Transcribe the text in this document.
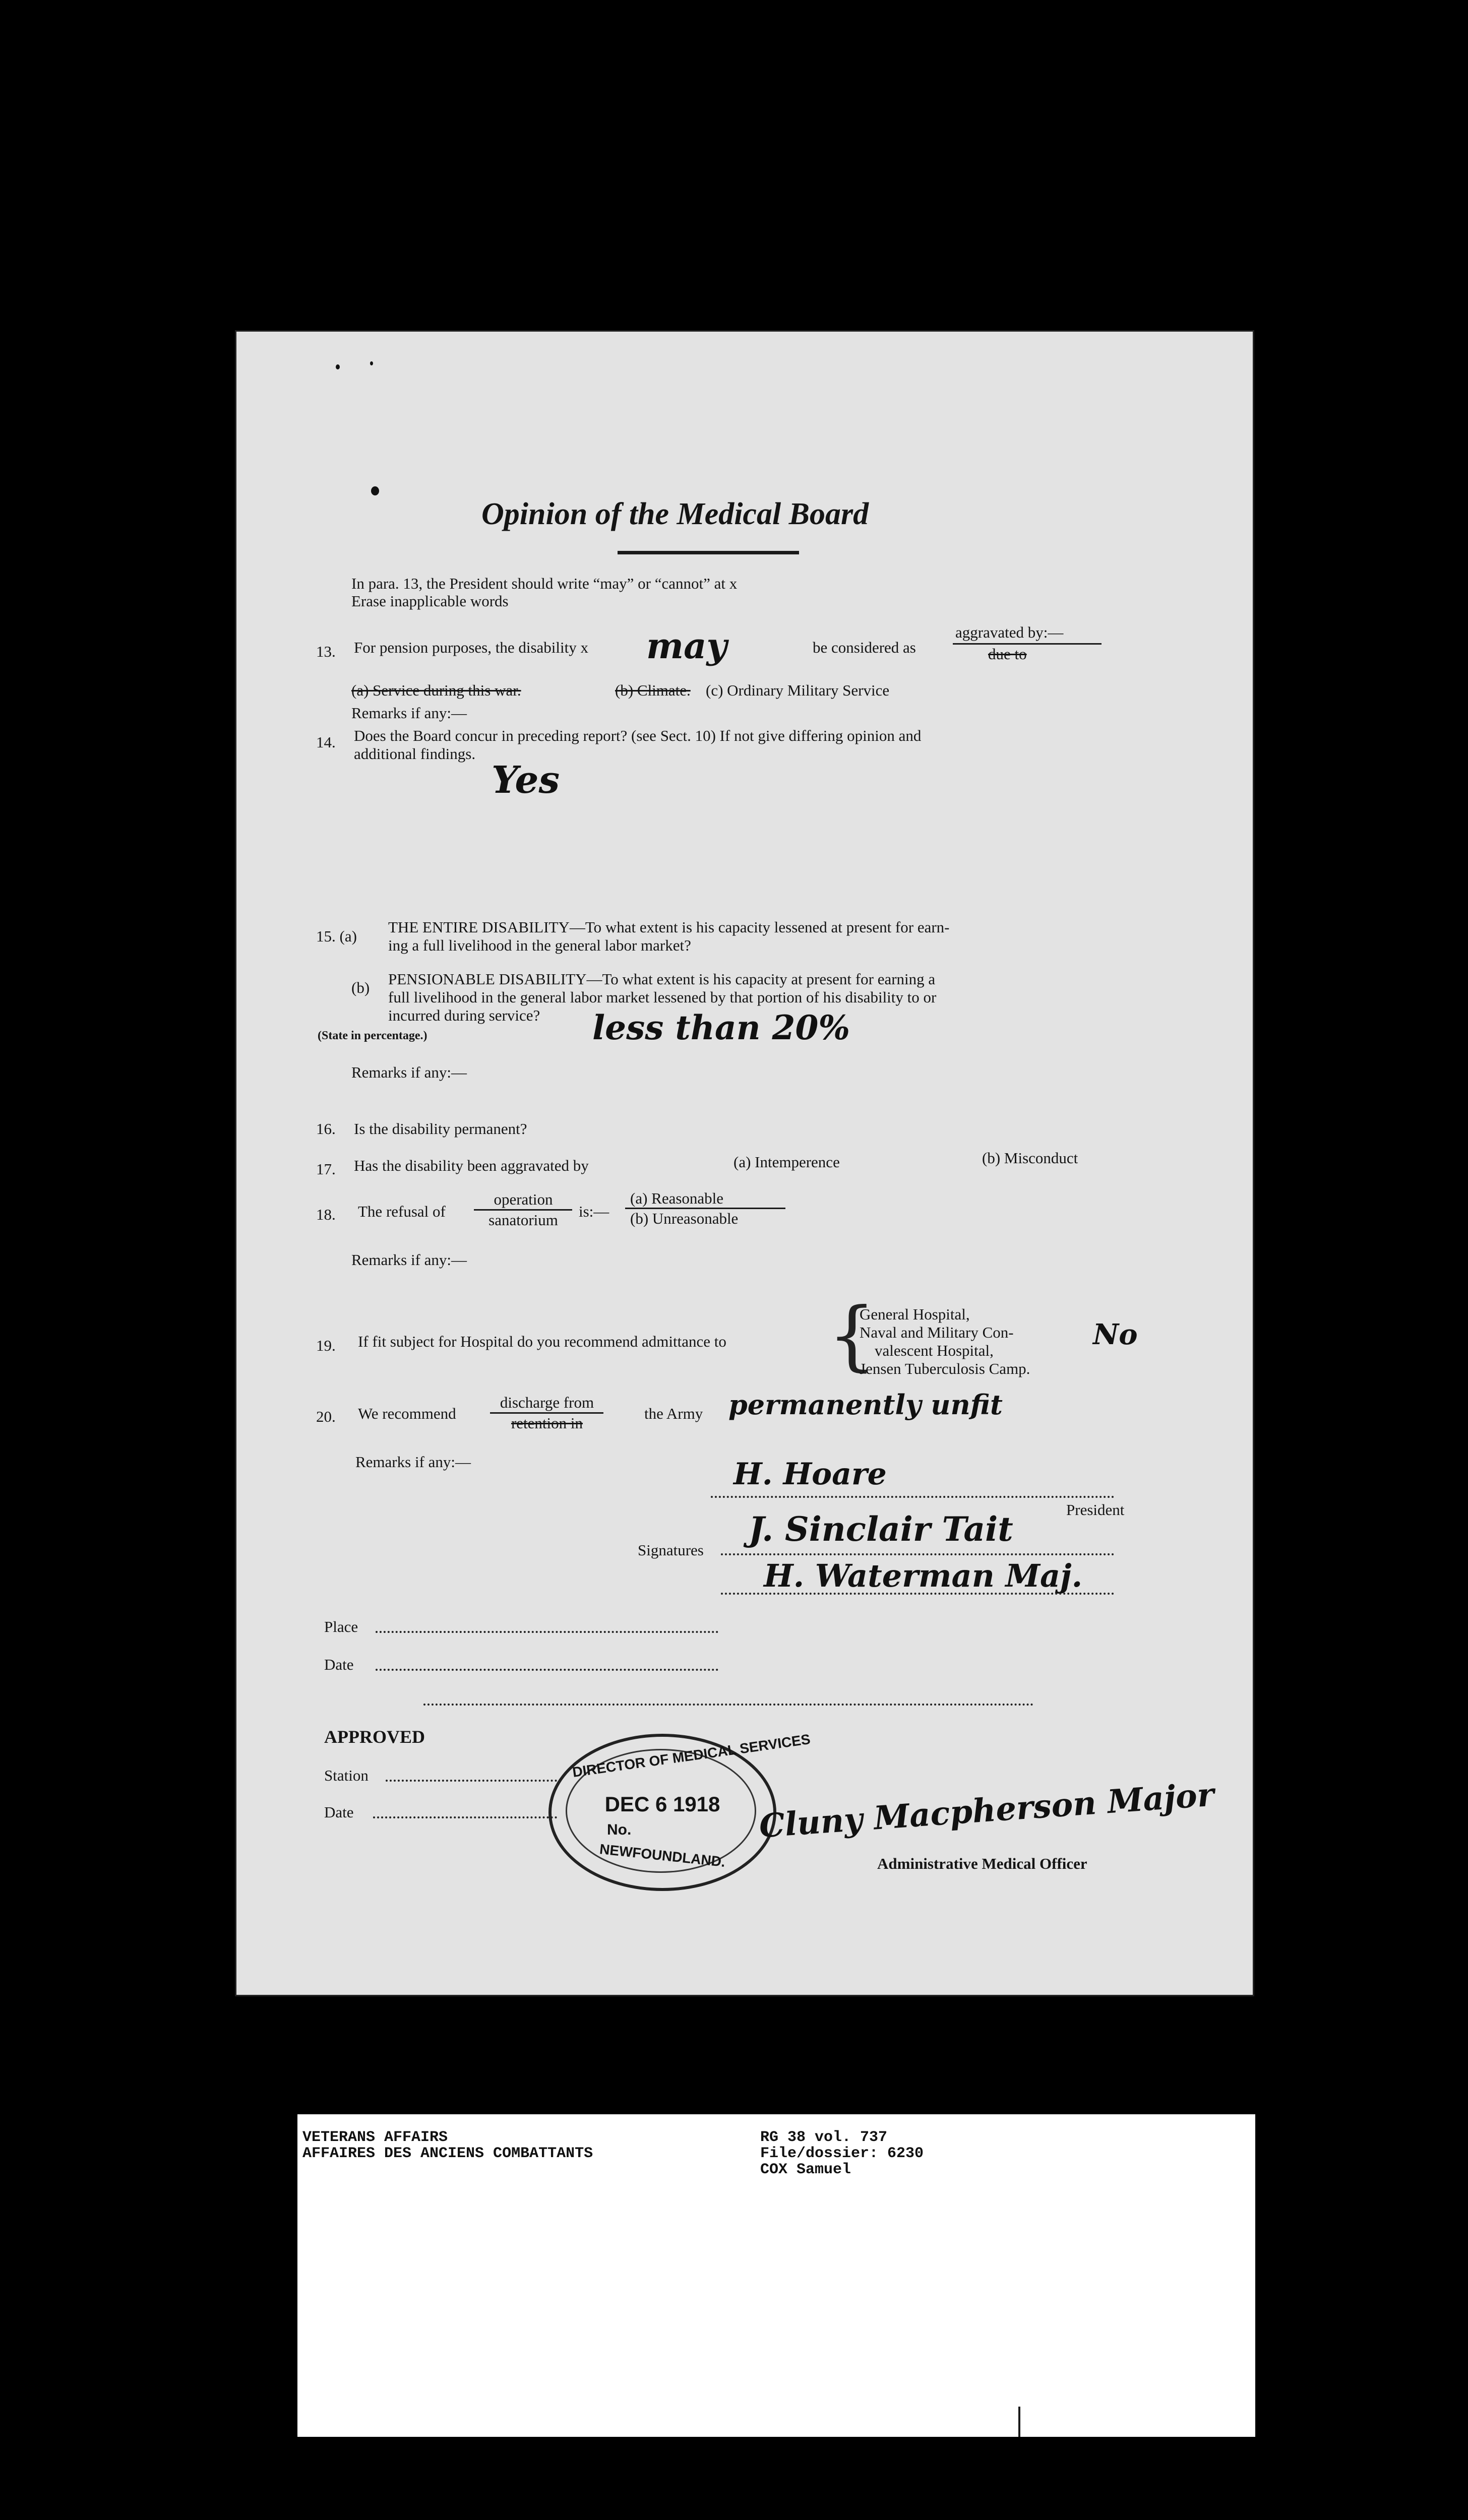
Opinion of the Medical Board
In para. 13, the President should write “may” or “cannot” at x
Erase inapplicable words
13. For pension purposes, the disability x may	be considered as
aggravated by:—
due to
(a) Service during this war.	(b) Climate. (c) Ordinary Military Service
Remarks if any:—
14. Does the Board concur in preceding report? (see Sect. 10) If not give differing opinion and
additional findings.
Yes
15. (a)
THE ENTIRE DISABILITY—To what extent is his capacity lessened at present for earn-
ing a full livelihood in the general labor market?
(b) PENSIONABLE DISABILITY—To what extent is his capacity at present for earning a
full livelihood in the general labor market lessened by that portion of his disability to or
incurred during service?
(State in percentage.)	less than 20%
Remarks if any:—
16. Is the disability permanent?
17. Has the disability been aggravated by	(a) Intemperence	(b) Misconduct
18. The refusal of
operation
sanatorium	is:—
(a) Reasonable
(b) Unreasonable
Remarks if any:—
19. If fit subject for Hospital do you recommend admittance to {
General Hospital,
Naval and Military Con-
valescent Hospital,
Jensen Tuberculosis Camp.
No
20. We recommend
discharge from
retention in
the Army permanently unfit
Remarks if any:—	H. Hoare
President
J. Sinclair Tait
Signatures
H. Waterman Maj.
Place
Date
APPROVED
Station
Date
DIRECTOR OF MEDICAL SERVICES
DEC 6 1918
No.
NEWFOUNDLAND.
Cluny Macpherson Major
Administrative Medical Officer
VETERANS AFFAIRS
AFFAIRES DES ANCIENS COMBATTANTS
RG 38 vol. 737
File/dossier: 6230
COX Samuel
